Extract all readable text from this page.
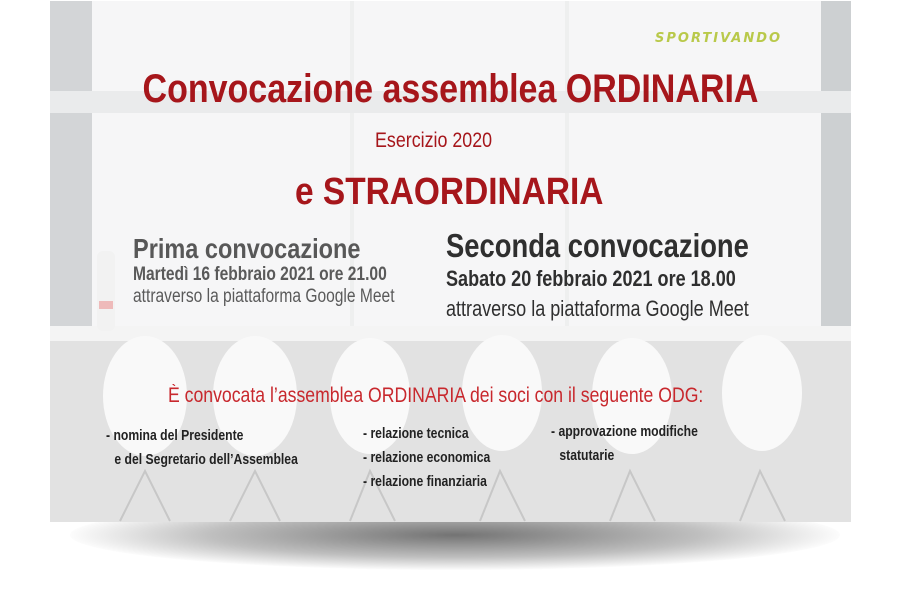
SPORTIVANDO

Convocazione assemblea ORDINARIA

Esercizio 2020

e STRAORDINARIA
Prima convocazione
Martedì 16 febbraio 2021 ore 21.00
attraverso la piattaforma Google Meet
Seconda convocazione
Sabato 20 febbraio 2021 ore 18.00
attraverso la piattaforma Google Meet

È convocata l’assemblea ORDINARIA dei soci con il seguente ODG:

- nomina del Presidente
e del Segretario dell’Assemblea
- relazione tecnica
- relazione economica
- relazione finanziaria
- approvazione modifiche
statutarie
